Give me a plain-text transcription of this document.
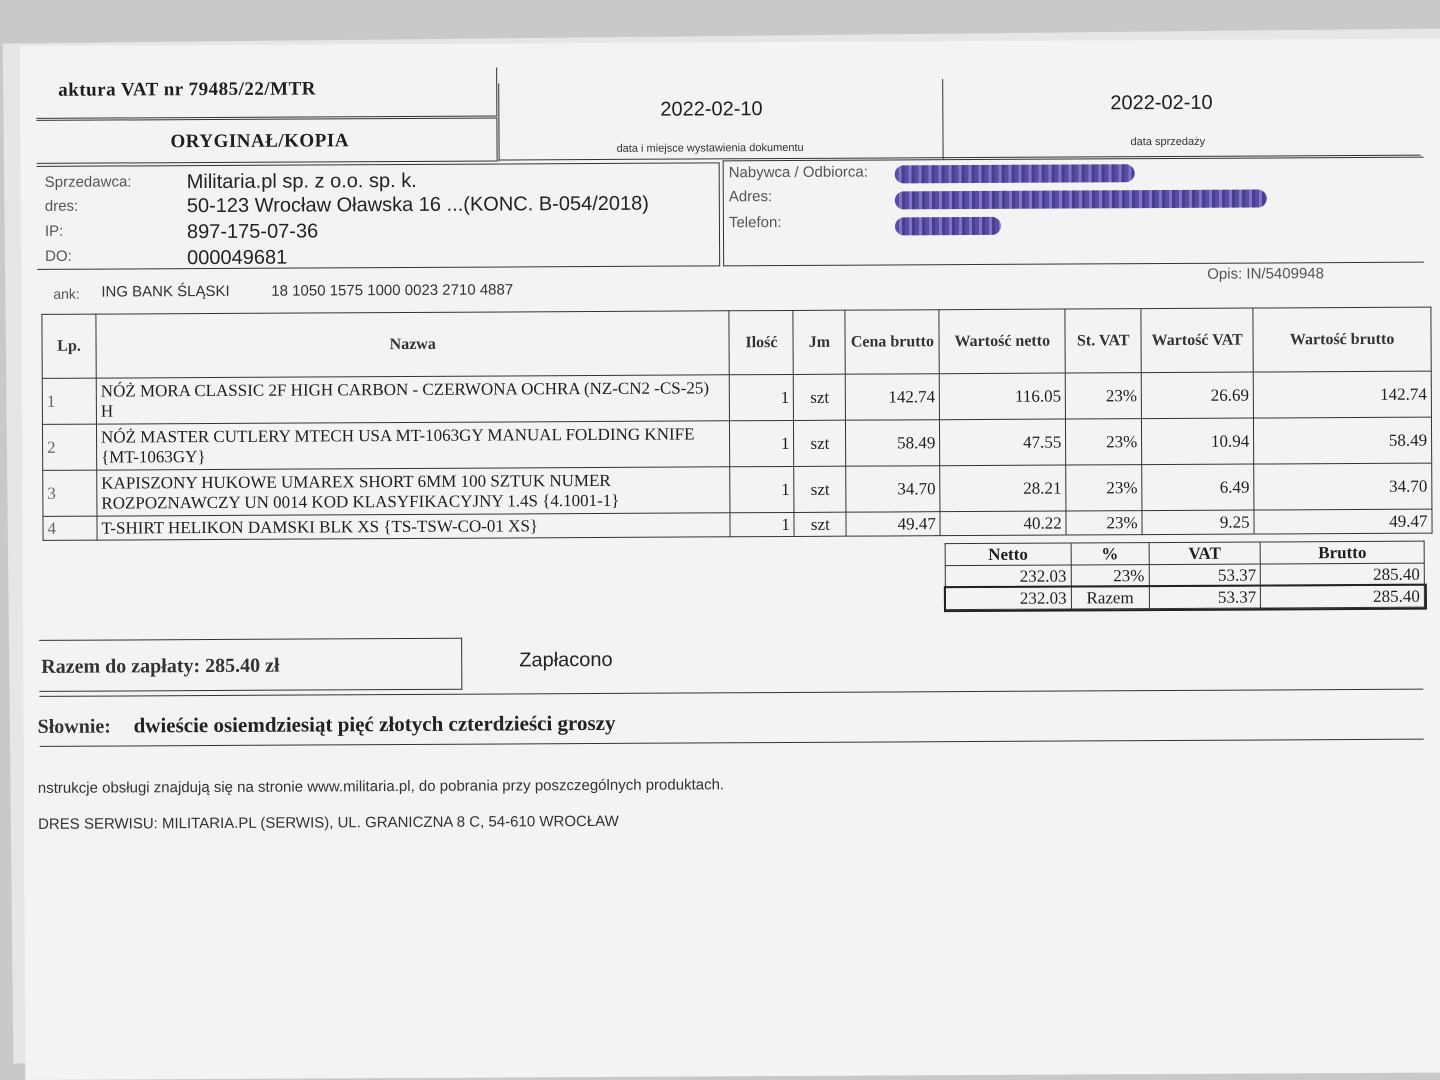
aktura VAT nr 79485/22/MTR
ORYGINAŁ/KOPIA
2022-02-10
data i miejsce wystawienia dokumentu
2022-02-10
data sprzedaży
Sprzedawca:
dres:
IP:
DO:
Militaria.pl sp. z o.o. sp. k.
50-123 Wrocław Oławska 16 ...(KONC. B-054/2018)
897-175-07-36
000049681
Nabywca / Odbiorca:
Adres:
Telefon:
ank: ING BANK ŚLĄSKI	18 1050 1575 1000 0023 2710 4887
Opis: IN/5409948
Lp.	Nazwa	Ilość	Jm	Cena brutto	Wartość netto	St. VAT	Wartość VAT	Wartość brutto
1	NÓŻ MORA CLASSIC 2F HIGH CARBON - CZERWONA OCHRA (NZ-CN2 -CS-25) H	1	szt	142.74	116.05	23%	26.69	142.74
2	NÓŻ MASTER CUTLERY MTECH USA MT-1063GY MANUAL FOLDING KNIFE {MT-1063GY}	1	szt	58.49	47.55	23%	10.94	58.49
3	KAPISZONY HUKOWE UMAREX SHORT 6MM 100 SZTUK NUMER ROZPOZNAWCZY UN 0014 KOD KLASYFIKACYJNY 1.4S {4.1001-1}	1	szt	34.70	28.21	23%	6.49	34.70
4	T-SHIRT HELIKON DAMSKI BLK XS {TS-TSW-CO-01 XS}	1	szt	49.47	40.22	23%	9.25	49.47
Netto	%	VAT	Brutto
232.03	23%	53.37	285.40
232.03	Razem	53.37	285.40
Razem do zapłaty: 285.40 zł	Zapłacono
Słownie: dwieście osiemdziesiąt pięć złotych czterdzieści groszy
nstrukcje obsługi znajdują się na stronie www.militaria.pl, do pobrania przy poszczególnych produktach.
DRES SERWISU: MILITARIA.PL (SERWIS), UL. GRANICZNA 8 C, 54-610 WROCŁAW
